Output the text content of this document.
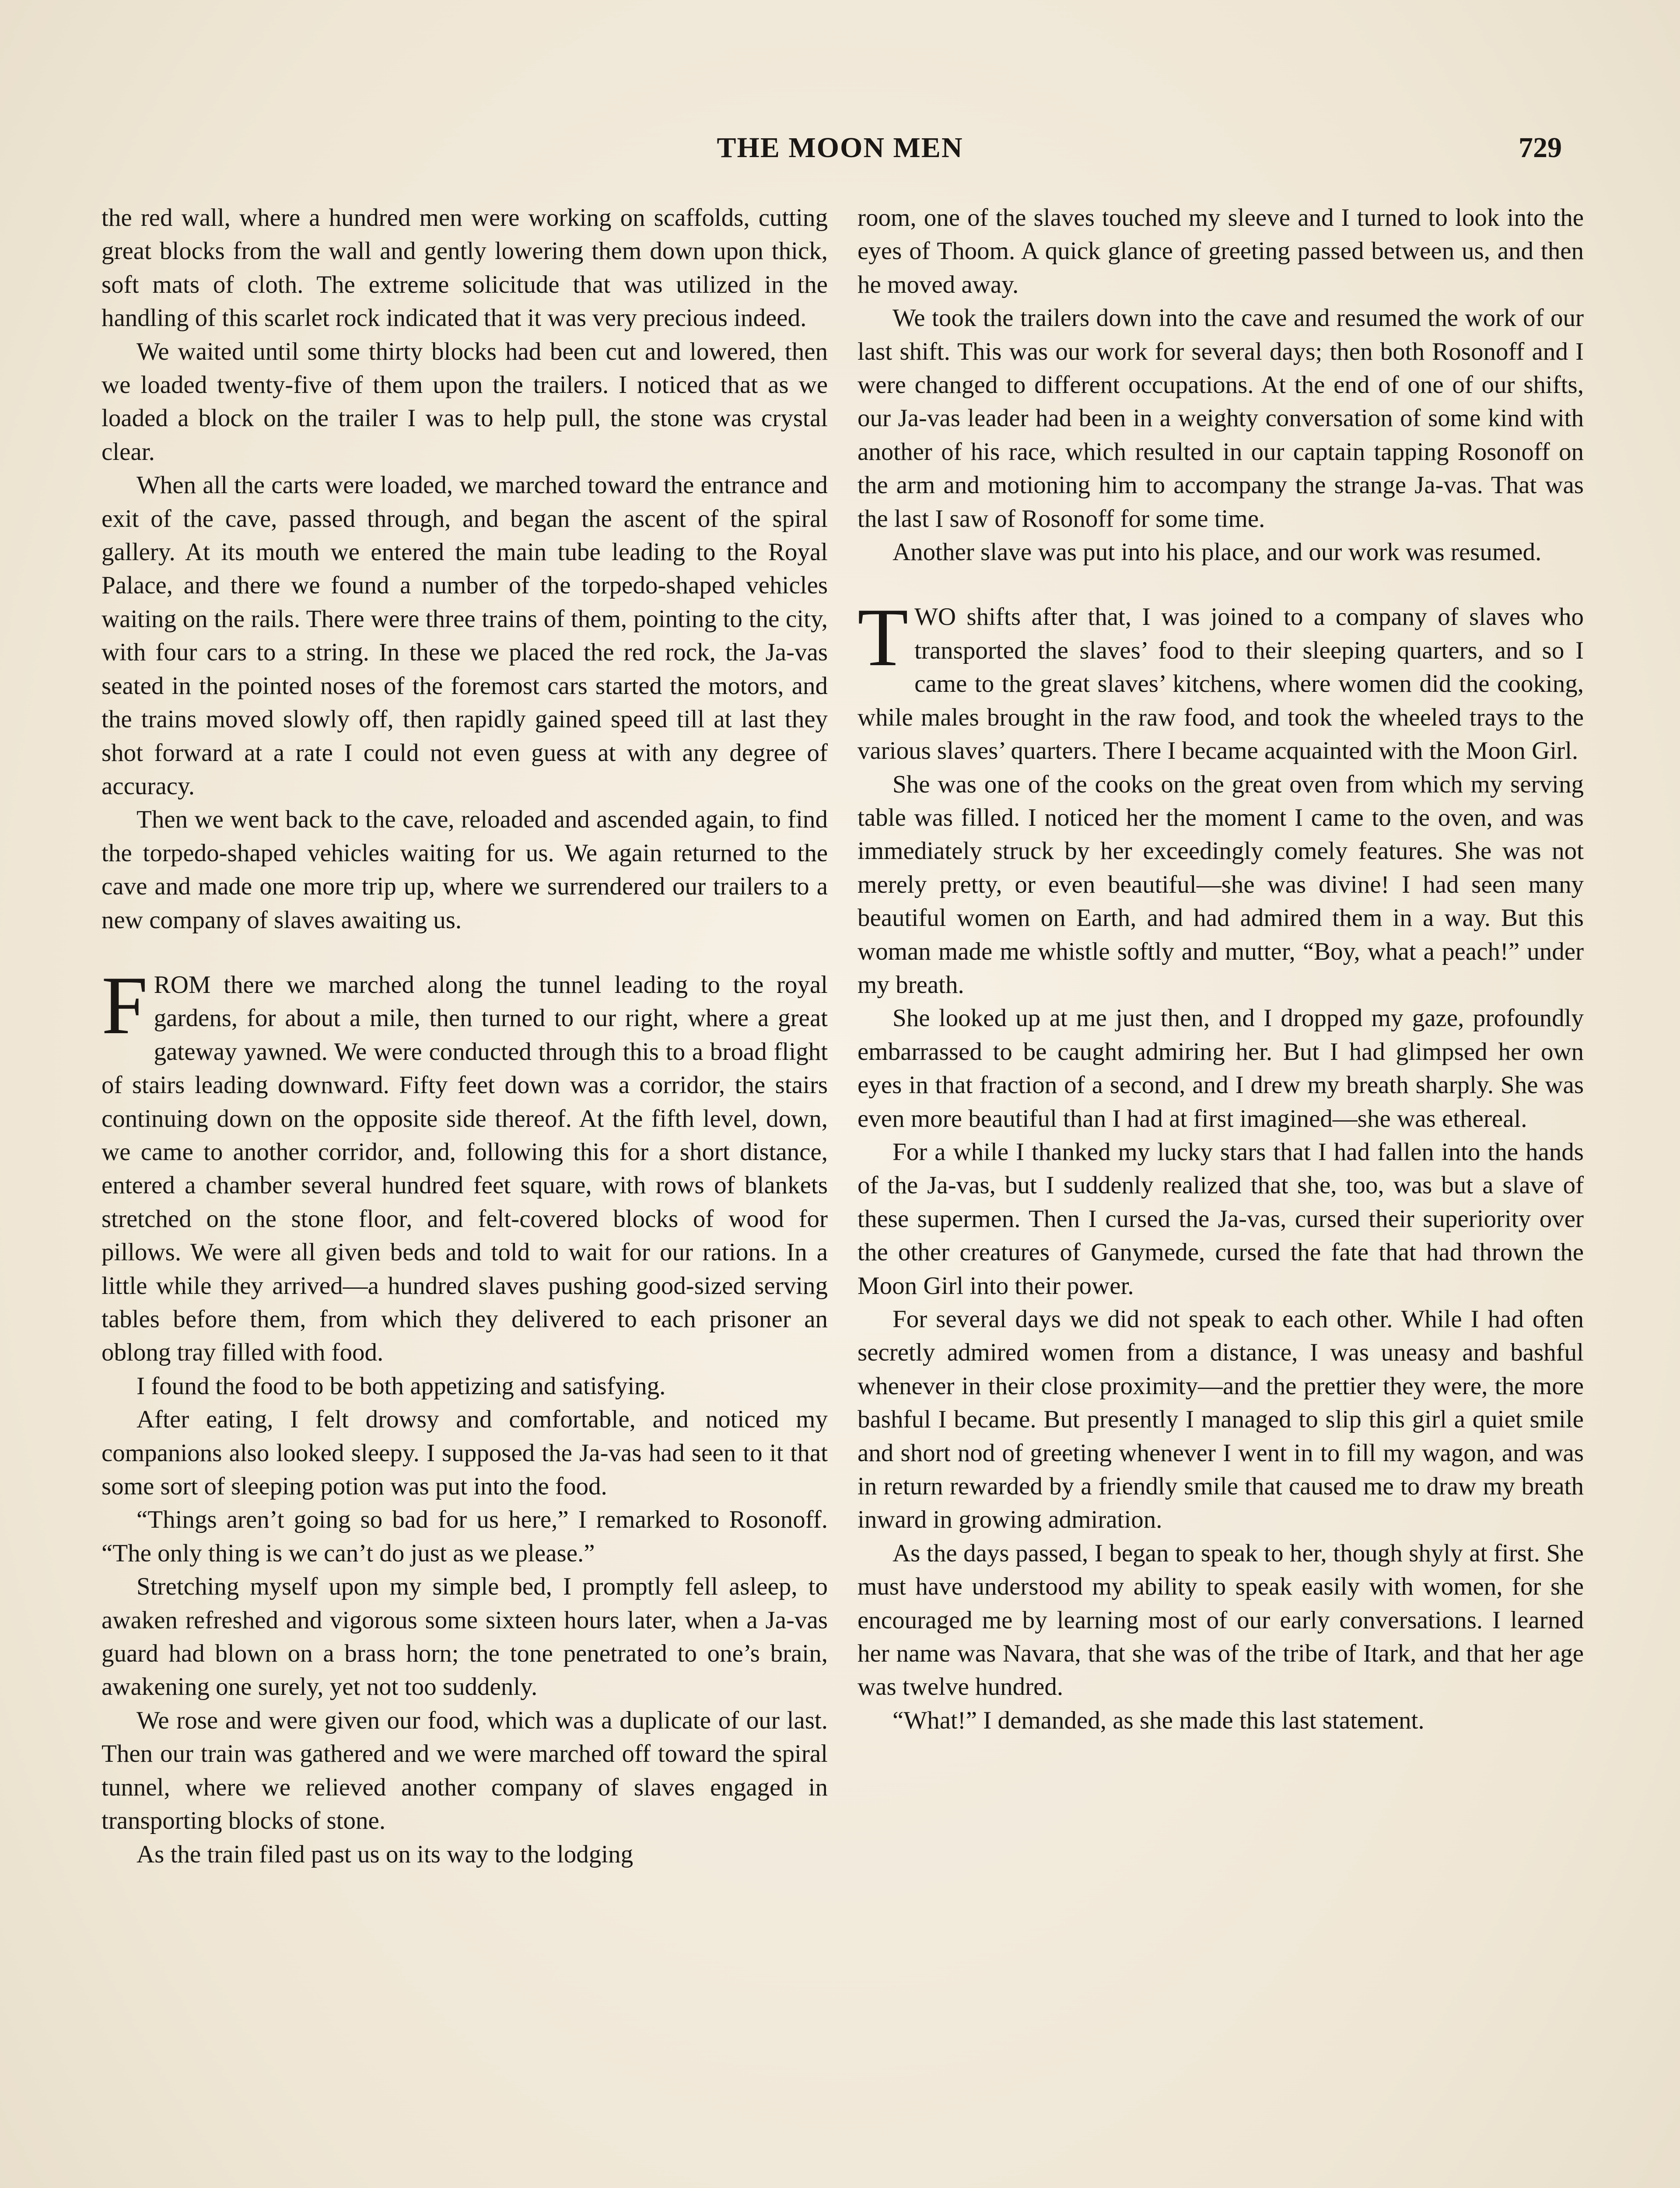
THE MOON MEN	729

the red wall, where a hundred men were working on scaffolds, cutting great blocks from the wall and gently lowering them down upon thick, soft mats of cloth. The extreme solicitude that was utilized in the handling of this scarlet rock indicated that it was very precious indeed.

We waited until some thirty blocks had been cut and lowered, then we loaded twenty-five of them upon the trailers. I noticed that as we loaded a block on the trailer I was to help pull, the stone was crystal clear.

When all the carts were loaded, we marched toward the entrance and exit of the cave, passed through, and began the ascent of the spiral gallery. At its mouth we entered the main tube leading to the Royal Palace, and there we found a number of the torpedo-shaped vehicles waiting on the rails. There were three trains of them, pointing to the city, with four cars to a string. In these we placed the red rock, the Ja-vas seated in the pointed noses of the foremost cars started the motors, and the trains moved slowly off, then rapidly gained speed till at last they shot forward at a rate I could not even guess at with any degree of accuracy.

Then we went back to the cave, reloaded and ascended again, to find the torpedo-shaped vehicles waiting for us. We again returned to the cave and made one more trip up, where we surrendered our trailers to a new company of slaves awaiting us.

FROM there we marched along the tunnel leading to the royal gardens, for about a mile, then turned to our right, where a great gateway yawned. We were conducted through this to a broad flight of stairs leading downward. Fifty feet down was a corridor, the stairs continuing down on the opposite side thereof. At the fifth level, down, we came to another corridor, and, following this for a short distance, entered a chamber several hundred feet square, with rows of blankets stretched on the stone floor, and felt-covered blocks of wood for pillows. We were all given beds and told to wait for our rations. In a little while they arrived—a hundred slaves pushing good-sized serving tables before them, from which they delivered to each prisoner an oblong tray filled with food.

I found the food to be both appetizing and satisfying.

After eating, I felt drowsy and comfortable, and noticed my companions also looked sleepy. I supposed the Ja-vas had seen to it that some sort of sleeping potion was put into the food.

“Things aren’t going so bad for us here,” I remarked to Rosonoff. “The only thing is we can’t do just as we please.”

Stretching myself upon my simple bed, I promptly fell asleep, to awaken refreshed and vigorous some sixteen hours later, when a Ja-vas guard had blown on a brass horn; the tone penetrated to one’s brain, awakening one surely, yet not too suddenly.

We rose and were given our food, which was a duplicate of our last. Then our train was gathered and we were marched off toward the spiral tunnel, where we relieved another company of slaves engaged in transporting blocks of stone.

As the train filed past us on its way to the lodging

room, one of the slaves touched my sleeve and I turned to look into the eyes of Thoom. A quick glance of greeting passed between us, and then he moved away.

We took the trailers down into the cave and resumed the work of our last shift. This was our work for several days; then both Rosonoff and I were changed to different occupations. At the end of one of our shifts, our Ja-vas leader had been in a weighty conversation of some kind with another of his race, which resulted in our captain tapping Rosonoff on the arm and motioning him to accompany the strange Ja-vas. That was the last I saw of Rosonoff for some time.

Another slave was put into his place, and our work was resumed.

TWO shifts after that, I was joined to a company of slaves who transported the slaves’ food to their sleeping quarters, and so I came to the great slaves’ kitchens, where women did the cooking, while males brought in the raw food, and took the wheeled trays to the various slaves’ quarters. There I became acquainted with the Moon Girl.

She was one of the cooks on the great oven from which my serving table was filled. I noticed her the moment I came to the oven, and was immediately struck by her exceedingly comely features. She was not merely pretty, or even beautiful—she was divine! I had seen many beautiful women on Earth, and had admired them in a way. But this woman made me whistle softly and mutter, “Boy, what a peach!” under my breath.

She looked up at me just then, and I dropped my gaze, profoundly embarrassed to be caught admiring her. But I had glimpsed her own eyes in that fraction of a second, and I drew my breath sharply. She was even more beautiful than I had at first imagined—she was ethereal.

For a while I thanked my lucky stars that I had fallen into the hands of the Ja-vas, but I suddenly realized that she, too, was but a slave of these supermen. Then I cursed the Ja-vas, cursed their superiority over the other creatures of Ganymede, cursed the fate that had thrown the Moon Girl into their power.

For several days we did not speak to each other. While I had often secretly admired women from a distance, I was uneasy and bashful whenever in their close proximity—and the prettier they were, the more bashful I became. But presently I managed to slip this girl a quiet smile and short nod of greeting whenever I went in to fill my wagon, and was in return rewarded by a friendly smile that caused me to draw my breath inward in growing admiration.

As the days passed, I began to speak to her, though shyly at first. She must have understood my ability to speak easily with women, for she encouraged me by learning most of our early conversations. I learned her name was Navara, that she was of the tribe of Itark, and that her age was twelve hundred.

“What!” I demanded, as she made this last statement.
